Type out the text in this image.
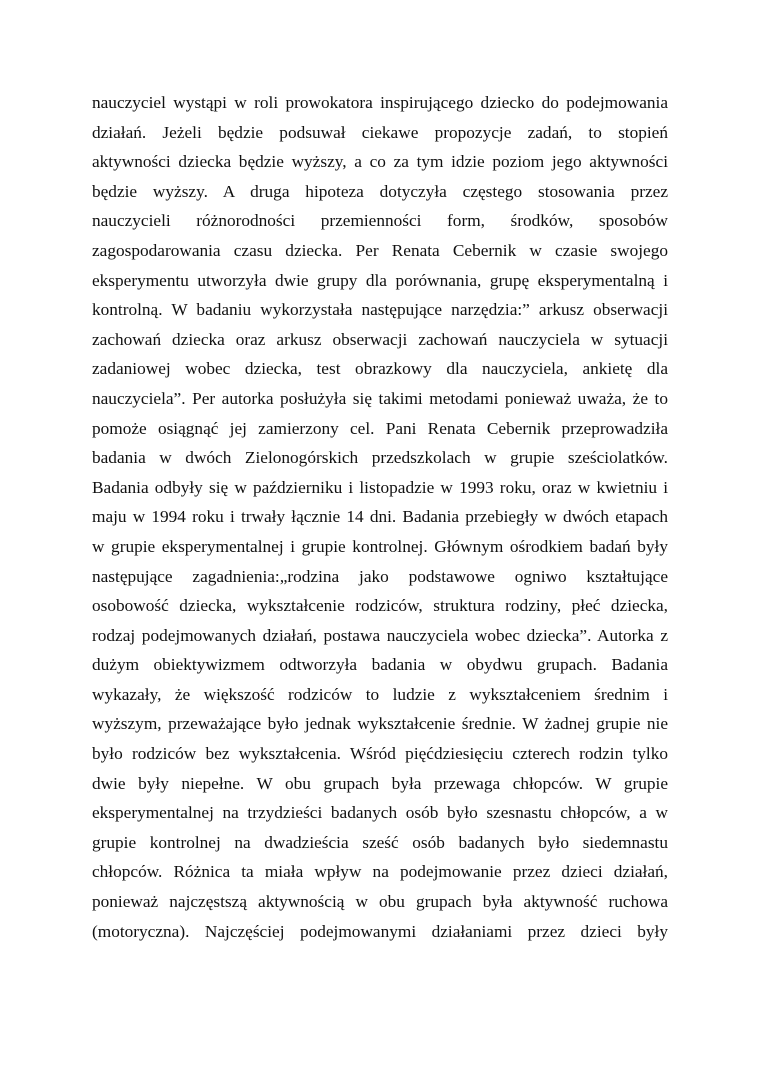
nauczyciel wystąpi w roli prowokatora inspirującego dziecko do podejmowania
działań. Jeżeli będzie podsuwał ciekawe propozycje zadań, to stopień
aktywności dziecka będzie wyższy, a co za tym idzie poziom jego aktywności
będzie wyższy. A druga hipoteza dotyczyła częstego stosowania przez
nauczycieli różnorodności przemienności form, środków, sposobów
zagospodarowania czasu dziecka. Per Renata Cebernik w czasie swojego
eksperymentu utworzyła dwie grupy dla porównania, grupę eksperymentalną i
kontrolną. W badaniu wykorzystała następujące narzędzia:” arkusz obserwacji
zachowań dziecka oraz arkusz obserwacji zachowań nauczyciela w sytuacji
zadaniowej wobec dziecka, test obrazkowy dla nauczyciela, ankietę dla
nauczyciela”. Per autorka posłużyła się takimi metodami ponieważ uważa, że to
pomoże osiągnąć jej zamierzony cel. Pani Renata Cebernik przeprowadziła
badania w dwóch Zielonogórskich przedszkolach w grupie sześciolatków.
Badania odbyły się w październiku i listopadzie w 1993 roku, oraz w kwietniu i
maju w 1994 roku i trwały łącznie 14 dni. Badania przebiegły w dwóch etapach
w grupie eksperymentalnej i grupie kontrolnej. Głównym ośrodkiem badań były
następujące zagadnienia:„rodzina jako podstawowe ogniwo kształtujące
osobowość dziecka, wykształcenie rodziców, struktura rodziny, płeć dziecka,
rodzaj podejmowanych działań, postawa nauczyciela wobec dziecka”. Autorka z
dużym obiektywizmem odtworzyła badania w obydwu grupach. Badania
wykazały, że większość rodziców to ludzie z wykształceniem średnim i
wyższym, przeważające było jednak wykształcenie średnie. W żadnej grupie nie
było rodziców bez wykształcenia. Wśród pięćdziesięciu czterech rodzin tylko
dwie były niepełne. W obu grupach była przewaga chłopców. W grupie
eksperymentalnej na trzydzieści badanych osób było szesnastu chłopców, a w
grupie kontrolnej na dwadzieścia sześć osób badanych było siedemnastu
chłopców. Różnica ta miała wpływ na podejmowanie przez dzieci działań,
ponieważ najczęstszą aktywnością w obu grupach była aktywność ruchowa
(motoryczna). Najczęściej podejmowanymi działaniami przez dzieci były
